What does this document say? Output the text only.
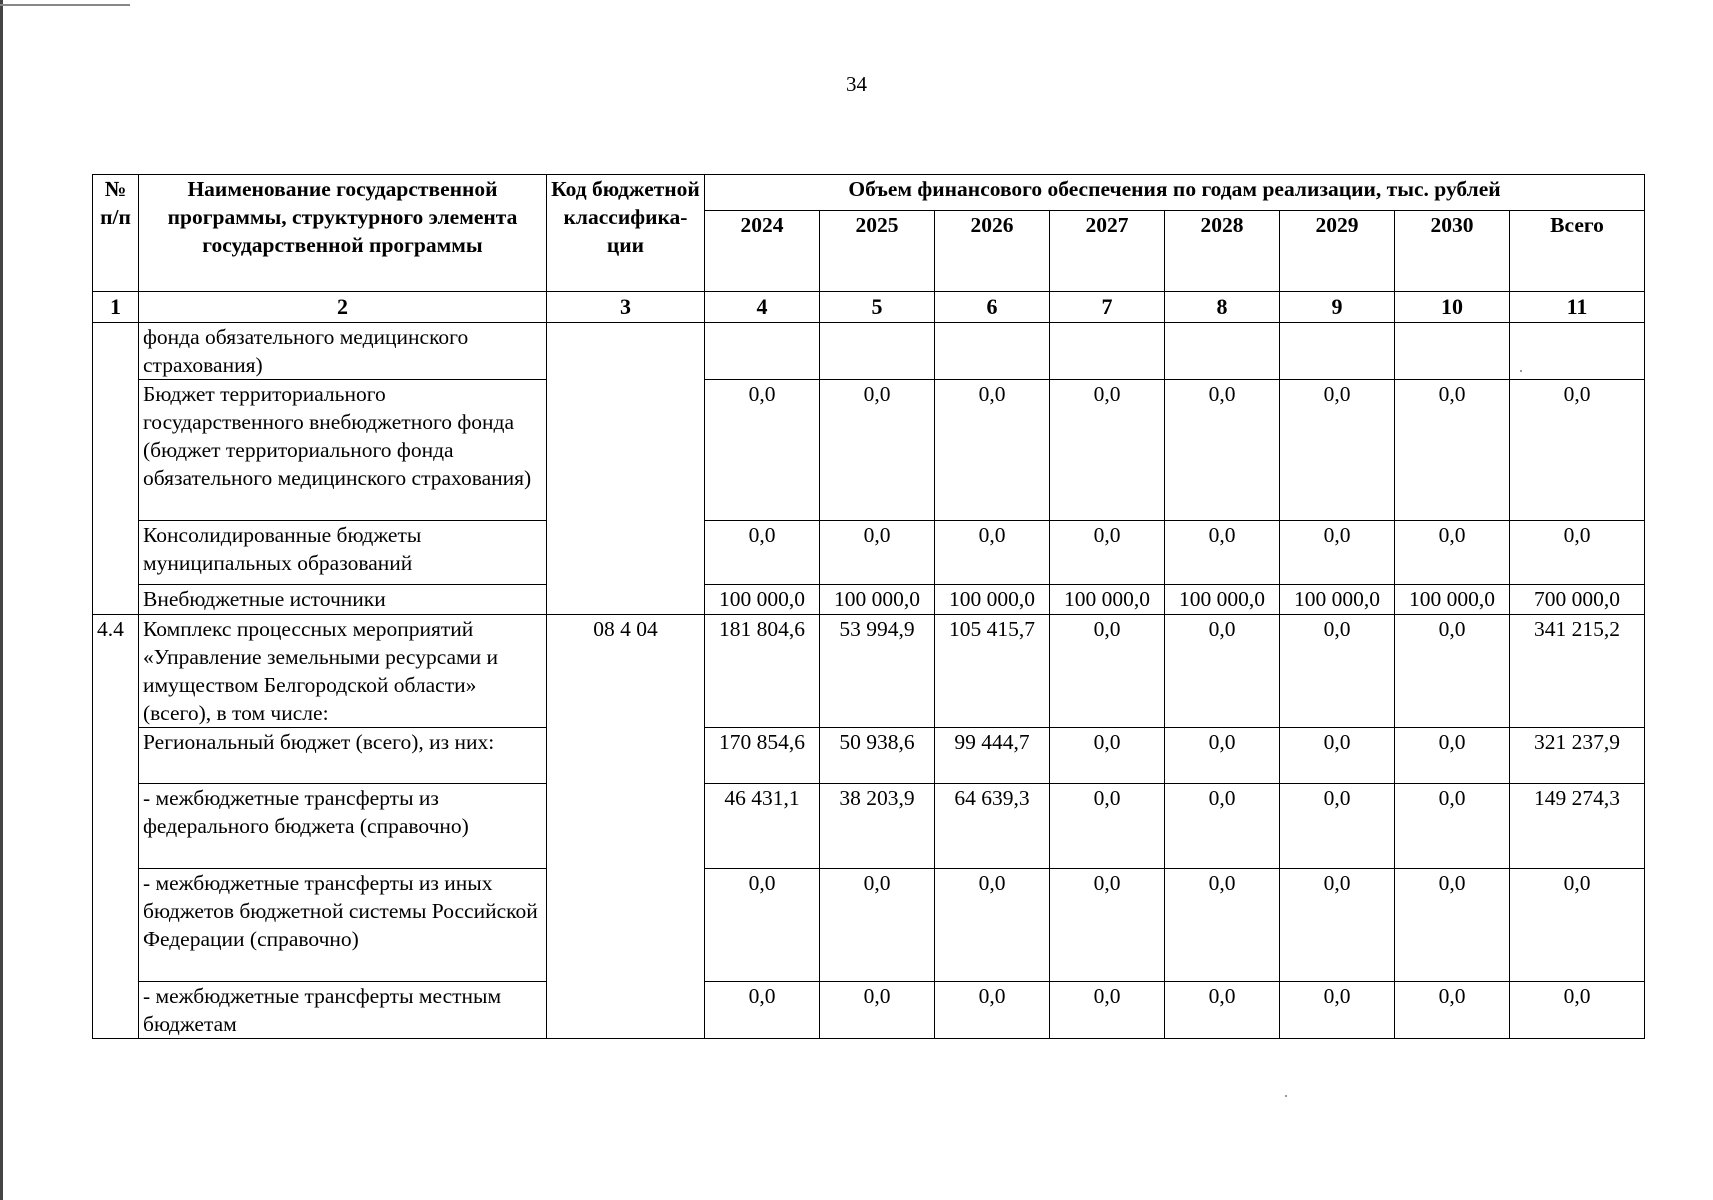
34
№ п/п	Наименование государственной программы, структурного элемента государственной программы	Код бюджетной классифика-ции	Объем финансового обеспечения по годам реализации, тыс. рублей							
			2024	2025	2026	2027	2028	2029	2030	Всего
1	2	3	4	5	6	7	8	9	10	11
	фонда обязательного медицинского страхования)									
	Бюджет территориального государственного внебюджетного фонда (бюджет территориального фонда обязательного медицинского страхования)		0,0	0,0	0,0	0,0	0,0	0,0	0,0	0,0
	Консолидированные бюджеты муниципальных образований		0,0	0,0	0,0	0,0	0,0	0,0	0,0	0,0
	Внебюджетные источники		100 000,0	100 000,0	100 000,0	100 000,0	100 000,0	100 000,0	100 000,0	700 000,0
4.4	Комплекс процессных мероприятий «Управление земельными ресурсами и имуществом Белгородской области» (всего), в том числе:	08 4 04	181 804,6	53 994,9	105 415,7	0,0	0,0	0,0	0,0	341 215,2
	Региональный бюджет (всего), из них:		170 854,6	50 938,6	99 444,7	0,0	0,0	0,0	0,0	321 237,9
	- межбюджетные трансферты из федерального бюджета (справочно)		46 431,1	38 203,9	64 639,3	0,0	0,0	0,0	0,0	149 274,3
	- межбюджетные трансферты из иных бюджетов бюджетной системы Российской Федерации (справочно)		0,0	0,0	0,0	0,0	0,0	0,0	0,0	0,0
	- межбюджетные трансферты местным бюджетам		0,0	0,0	0,0	0,0	0,0	0,0	0,0	0,0
